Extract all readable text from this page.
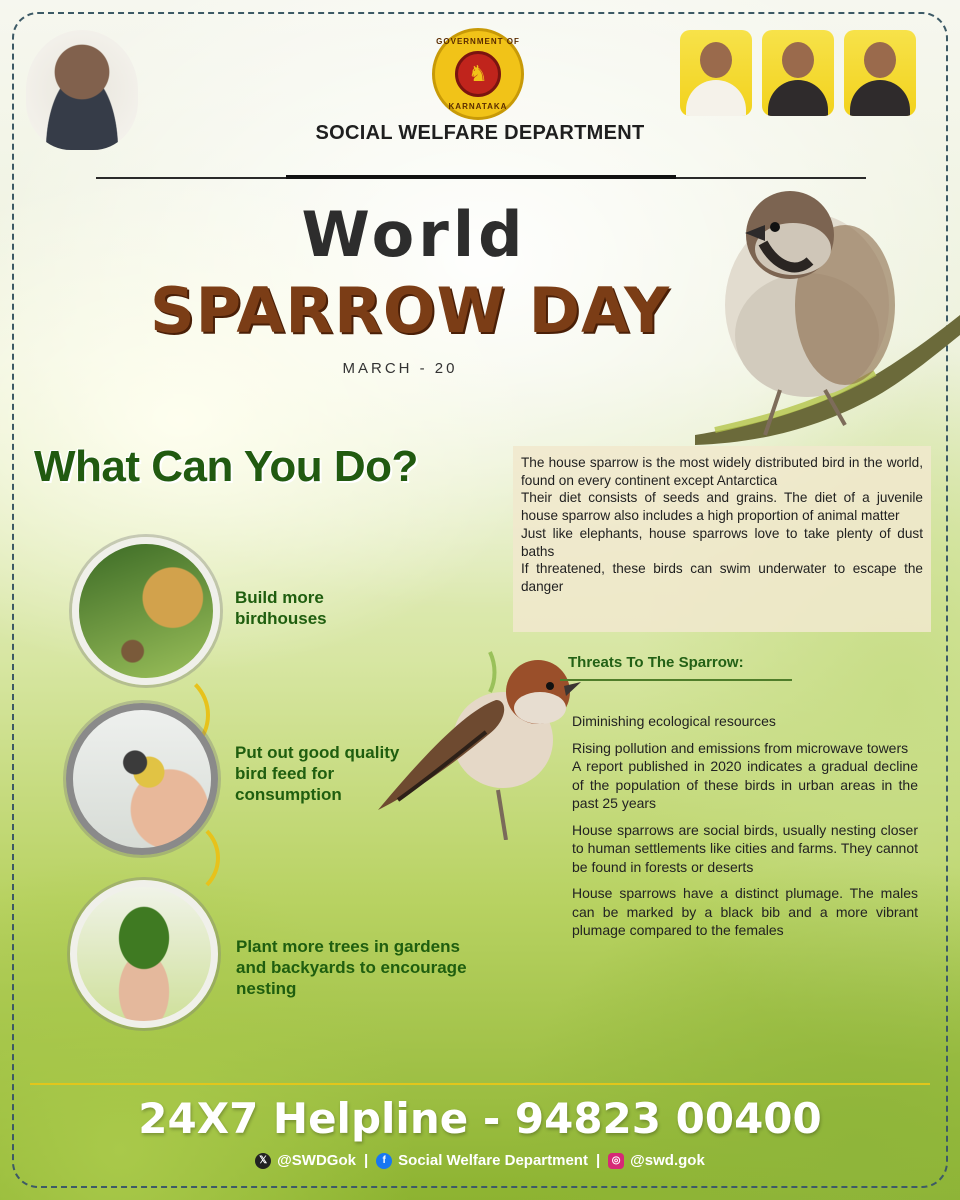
GOVERNMENT OF
♞
KARNATAKA
SOCIAL WELFARE DEPARTMENT
World
SPARROW DAY
MARCH - 20
What Can You Do?	The house sparrow is the most widely distributed bird in the world, found on every continent except Antarctica

Their diet consists of seeds and grains. The diet of a juvenile house sparrow also includes a high proportion of animal matter

Just like elephants, house sparrows love to take plenty of dust baths

If threatened, these birds can swim underwater to escape the danger

Build more birdhouses
Put out good quality bird feed for consumption
Plant more trees in gardens and backyards to encourage nesting
Threats To The Sparrow:

Diminishing ecological resources

Rising pollution and emissions from microwave towers

A report published in 2020 indicates a gradual decline of the population of these birds in urban areas in the past 25 years

House sparrows are social birds, usually nesting closer to human settlements like cities and farms. They cannot be found in forests or deserts

House sparrows have a distinct plumage. The males can be marked by a black bib and a more vibrant plumage compared to the females

24X7 Helpline - 94823 00400
𝕏 @SWDGok |	f Social Welfare Department |	◎ @swd.gok
